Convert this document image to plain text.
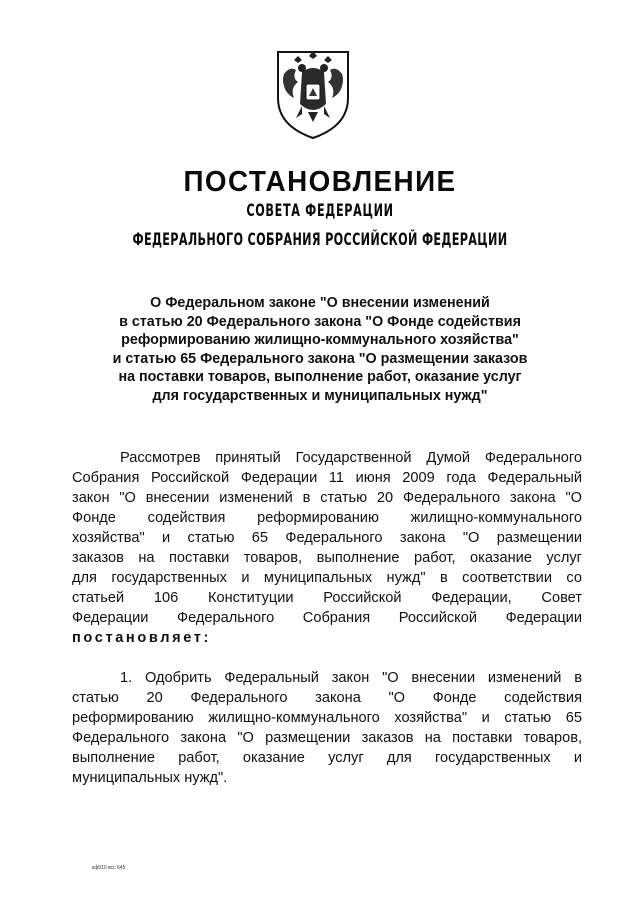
ПОСТАНОВЛЕНИЕ
СОВЕТА ФЕДЕРАЦИИ
ФЕДЕРАЛЬНОГО СОБРАНИЯ РОССИЙСКОЙ ФЕДЕРАЦИИ
О Федеральном законе "О внесении изменений
в статью 20 Федерального закона "О Фонде содействия
реформированию жилищно-коммунального хозяйства"
и статью 65 Федерального закона "О размещении заказов
на поставки товаров, выполнение работ, оказание услуг
для государственных и муниципальных нужд"
Рассмотрев принятый Государственной Думой Федерального
Собрания Российской Федерации 11 июня 2009 года Федеральный
закон "О внесении изменений в статью 20 Федерального закона "О
Фонде содействия реформированию жилищно-коммунального
хозяйства" и статью 65 Федерального закона "О размещении
заказов на поставки товаров, выполнение работ, оказание услуг
для государственных и муниципальных нужд" в соответствии со
статьей 106 Конституции Российской Федерации, Совет
Федерации Федерального Собрания Российской Федерации
постановляет:
1. Одобрить Федеральный закон "О внесении изменений в
статью 20 Федерального закона "О Фонде содействия
реформированию жилищно-коммунального хозяйства" и статью 65
Федерального закона "О размещении заказов на поставки товаров,
выполнение работ, оказание услуг для государственных и
муниципальных нужд".
кф910 всс 645
